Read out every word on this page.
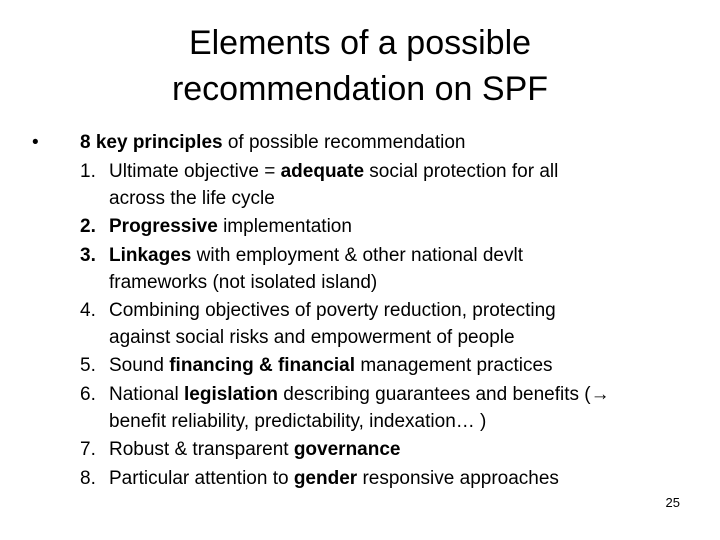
Elements of a possible
recommendation on SPF
• 8 key principles of possible recommendation
1. Ultimate objective = adequate social protection for all
across the life cycle
2. Progressive implementation
3. Linkages with employment & other national devlt
frameworks (not isolated island)
4. Combining objectives of poverty reduction, protecting
against social risks and empowerment of people
5. Sound financing & financial management practices
6. National legislation describing guarantees and benefits (→
benefit reliability, predictability, indexation… )
7. Robust & transparent governance
8. Particular attention to gender responsive approaches
25
